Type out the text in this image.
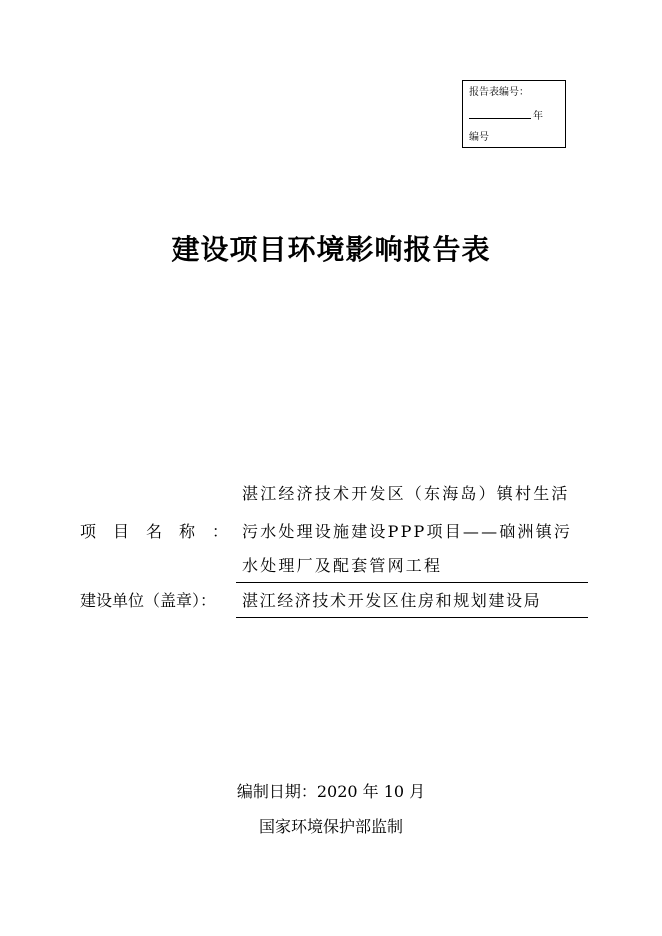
报告表编号：
年
编号
建设项目环境影响报告表
项 目 名 称 ：
湛江经济技术开发区（东海岛）镇村生活
污水处理设施建设PPP项目——硇洲镇污
水处理厂及配套管网工程
建设单位（盖章）： 湛江经济技术开发区住房和规划建设局
编制日期：2020 年 10 月
国家环境保护部监制
